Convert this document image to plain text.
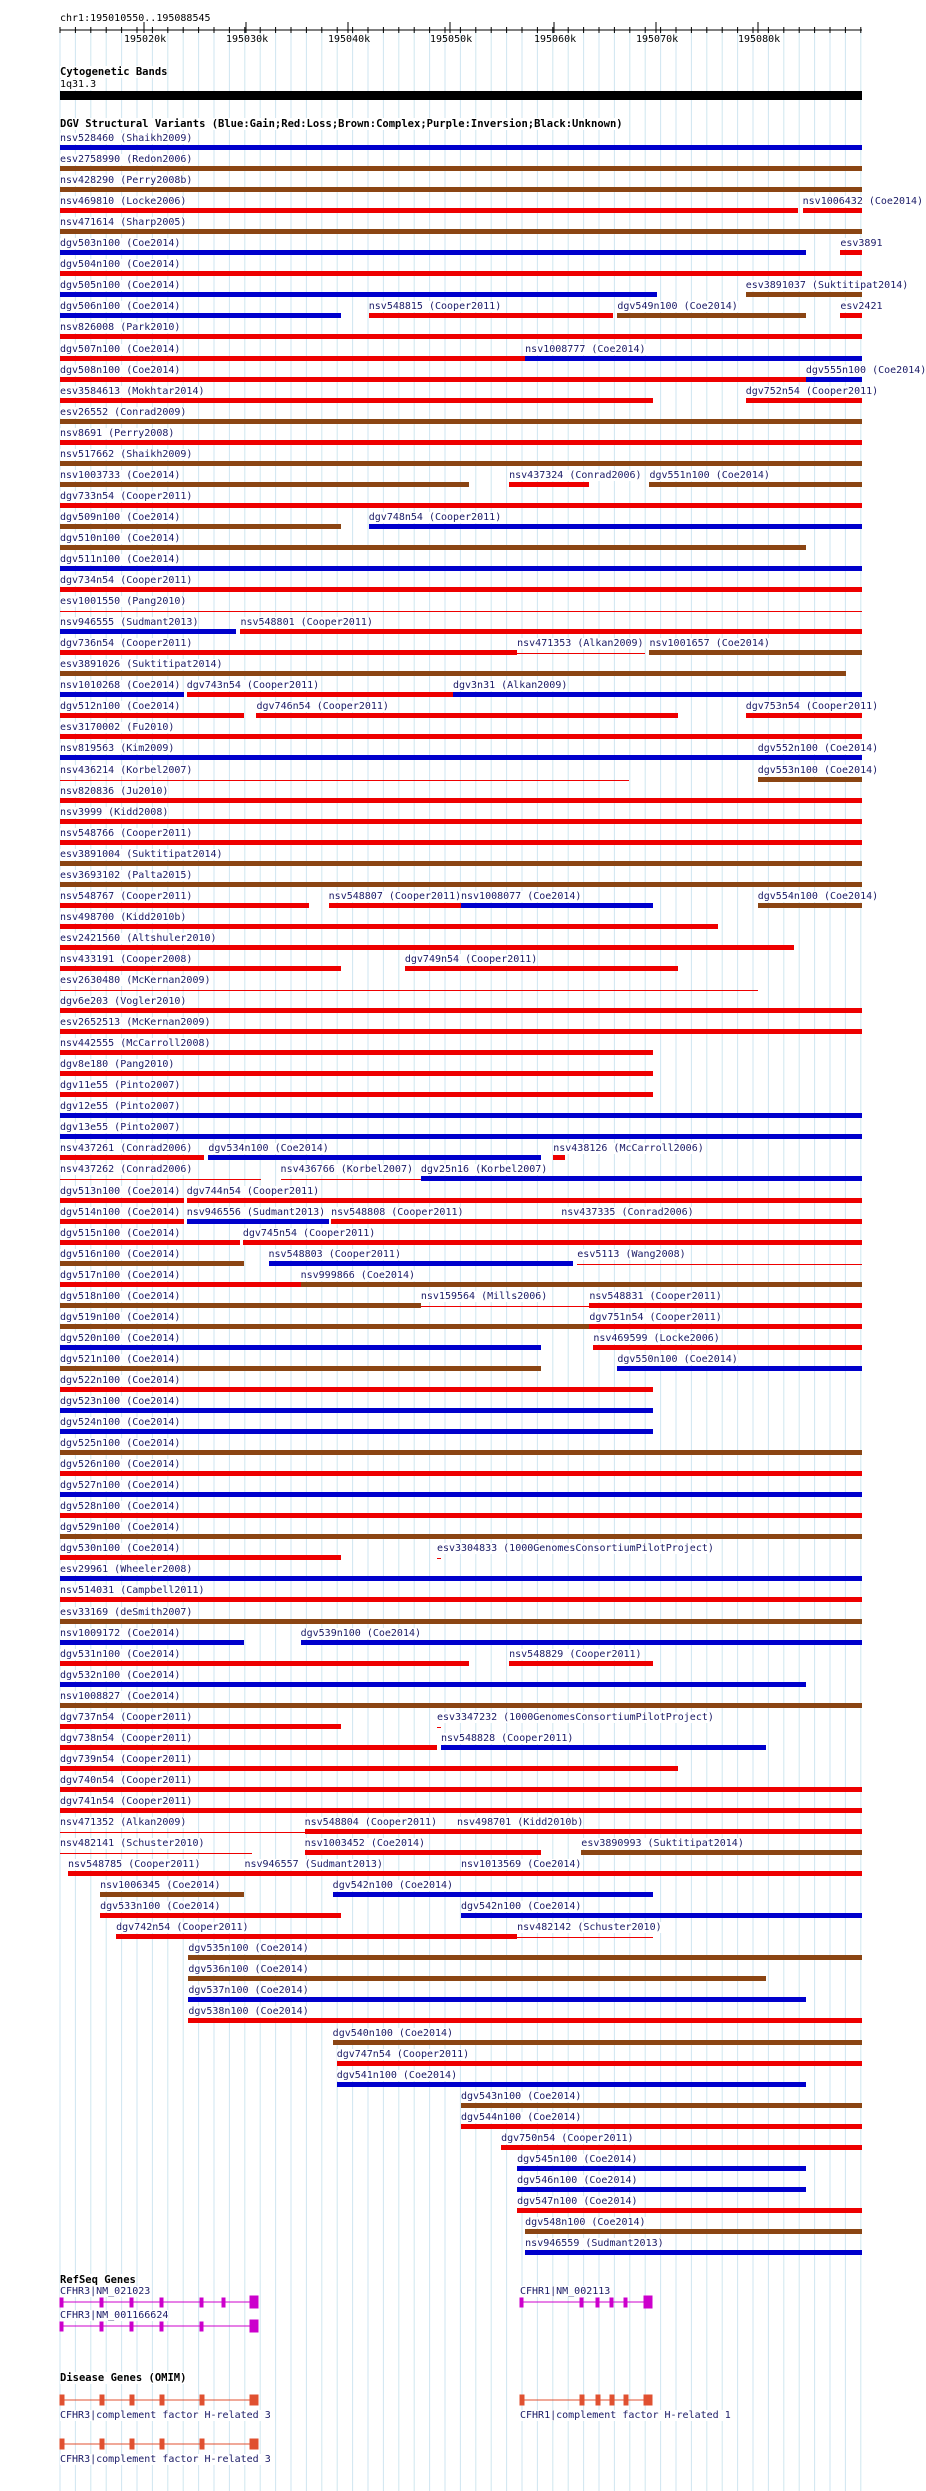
chr1:195010550..195088545
195020k	195030k	195040k	195050k	195060k	195070k	195080k
Cytogenetic Bands
1q31.3
DGV Structural Variants (Blue:Gain;Red:Loss;Brown:Complex;Purple:Inversion;Black:Unknown)
nsv528460 (Shaikh2009)
esv2758990 (Redon2006)
nsv428290 (Perry2008b)
nsv469810 (Locke2006)	nsv1006432 (Coe2014)
nsv471614 (Sharp2005)
dgv503n100 (Coe2014)	esv3891
dgv504n100 (Coe2014)
dgv505n100 (Coe2014)	esv3891037 (Suktitipat2014)
dgv506n100 (Coe2014)	nsv548815 (Cooper2011)	dgv549n100 (Coe2014)	esv2421
nsv826008 (Park2010)
dgv507n100 (Coe2014)	nsv1008777 (Coe2014)
dgv508n100 (Coe2014)	dgv555n100 (Coe2014)
esv3584613 (Mokhtar2014)	dgv752n54 (Cooper2011)
esv26552 (Conrad2009)
nsv8691 (Perry2008)
nsv517662 (Shaikh2009)
nsv1003733 (Coe2014)	nsv437324 (Conrad2006) dgv551n100 (Coe2014)
dgv733n54 (Cooper2011)
dgv509n100 (Coe2014)	dgv748n54 (Cooper2011)
dgv510n100 (Coe2014)
dgv511n100 (Coe2014)
dgv734n54 (Cooper2011)
esv1001550 (Pang2010)
nsv946555 (Sudmant2013)	nsv548801 (Cooper2011)
dgv736n54 (Cooper2011)	nsv471353 (Alkan2009) nsv1001657 (Coe2014)
esv3891026 (Suktitipat2014)
nsv1010268 (Coe2014) dgv743n54 (Cooper2011)	dgv3n31 (Alkan2009)
dgv512n100 (Coe2014)	dgv746n54 (Cooper2011)	dgv753n54 (Cooper2011)
esv3170002 (Fu2010)
nsv819563 (Kim2009)	dgv552n100 (Coe2014)
nsv436214 (Korbel2007)	dgv553n100 (Coe2014)
nsv820836 (Ju2010)
nsv3999 (Kidd2008)
nsv548766 (Cooper2011)
esv3891004 (Suktitipat2014)
esv3693102 (Palta2015)
nsv548767 (Cooper2011)	nsv548807 (Cooper2011) nsv1008077 (Coe2014)	dgv554n100 (Coe2014)
nsv498700 (Kidd2010b)
esv2421560 (Altshuler2010)
nsv433191 (Cooper2008)	dgv749n54 (Cooper2011)
esv2630480 (McKernan2009)
dgv6e203 (Vogler2010)
esv2652513 (McKernan2009)
nsv442555 (McCarroll2008)
dgv8e180 (Pang2010)
dgv11e55 (Pinto2007)
dgv12e55 (Pinto2007)
dgv13e55 (Pinto2007)
nsv437261 (Conrad2006) dgv534n100 (Coe2014)	nsv438126 (McCarroll2006)
nsv437262 (Conrad2006)	nsv436766 (Korbel2007) dgv25n16 (Korbel2007)
dgv513n100 (Coe2014) dgv744n54 (Cooper2011)
dgv514n100 (Coe2014) nsv946556 (Sudmant2013) nsv548808 (Cooper2011)	nsv437335 (Conrad2006)
dgv515n100 (Coe2014)	dgv745n54 (Cooper2011)
dgv516n100 (Coe2014)	nsv548803 (Cooper2011)	esv5113 (Wang2008)
dgv517n100 (Coe2014)	nsv999866 (Coe2014)
dgv518n100 (Coe2014)	nsv159564 (Mills2006)	nsv548831 (Cooper2011)
dgv519n100 (Coe2014)	dgv751n54 (Cooper2011)
dgv520n100 (Coe2014)	nsv469599 (Locke2006)
dgv521n100 (Coe2014)	dgv550n100 (Coe2014)
dgv522n100 (Coe2014)
dgv523n100 (Coe2014)
dgv524n100 (Coe2014)
dgv525n100 (Coe2014)
dgv526n100 (Coe2014)
dgv527n100 (Coe2014)
dgv528n100 (Coe2014)
dgv529n100 (Coe2014)
dgv530n100 (Coe2014)	esv3304833 (1000GenomesConsortiumPilotProject)
esv29961 (Wheeler2008)
nsv514031 (Campbell2011)
esv33169 (deSmith2007)
nsv1009172 (Coe2014)	dgv539n100 (Coe2014)
dgv531n100 (Coe2014)	nsv548829 (Cooper2011)
dgv532n100 (Coe2014)
nsv1008827 (Coe2014)
dgv737n54 (Cooper2011)	esv3347232 (1000GenomesConsortiumPilotProject)
dgv738n54 (Cooper2011)	nsv548828 (Cooper2011)
dgv739n54 (Cooper2011)
dgv740n54 (Cooper2011)
dgv741n54 (Cooper2011)
nsv471352 (Alkan2009)	nsv548804 (Cooper2011) nsv498701 (Kidd2010b)
nsv482141 (Schuster2010)	nsv1003452 (Coe2014)	esv3890993 (Suktitipat2014)
nsv548785 (Cooper2011)	nsv946557 (Sudmant2013)	nsv1013569 (Coe2014)
nsv1006345 (Coe2014)	dgv542n100 (Coe2014)
dgv533n100 (Coe2014)	dgv542n100 (Coe2014)
dgv742n54 (Cooper2011)	nsv482142 (Schuster2010)
dgv535n100 (Coe2014)
dgv536n100 (Coe2014)
dgv537n100 (Coe2014)
dgv538n100 (Coe2014)
dgv540n100 (Coe2014)
dgv747n54 (Cooper2011)
dgv541n100 (Coe2014)
dgv543n100 (Coe2014)
dgv544n100 (Coe2014)
dgv750n54 (Cooper2011)
dgv545n100 (Coe2014)
dgv546n100 (Coe2014)
dgv547n100 (Coe2014)
dgv548n100 (Coe2014)
nsv946559 (Sudmant2013)
RefSeq Genes
CFHR3|NM_021023	CFHR1|NM_002113
CFHR3|NM_001166624
Disease Genes (OMIM)
CFHR3|complement factor H-related 3	CFHR1|complement factor H-related 1
CFHR3|complement factor H-related 3
